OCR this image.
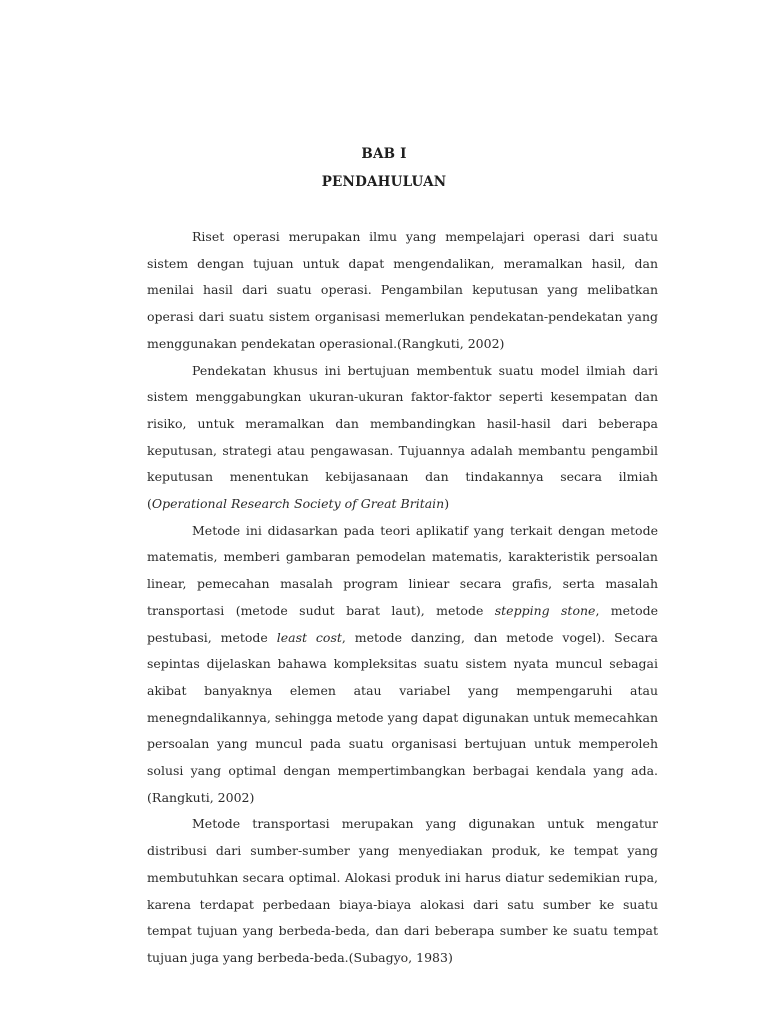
BAB I
PENDAHULUAN

Riset operasi merupakan ilmu yang mempelajari operasi dari suatu sistem dengan tujuan untuk dapat mengendalikan, meramalkan hasil, dan menilai hasil dari suatu operasi. Pengambilan keputusan yang melibatkan operasi dari suatu sistem organisasi memerlukan pendekatan-pendekatan yang menggunakan pendekatan operasional.(Rangkuti, 2002)

Pendekatan khusus ini bertujuan membentuk suatu model ilmiah dari sistem menggabungkan ukuran-ukuran faktor-faktor seperti kesempatan dan risiko, untuk meramalkan dan membandingkan hasil-hasil dari beberapa keputusan, strategi atau pengawasan. Tujuannya adalah membantu pengambil keputusan menentukan kebijasanaan dan tindakannya secara ilmiah (Operational Research Society of Great Britain)

Metode ini didasarkan pada teori aplikatif yang terkait dengan metode matematis, memberi gambaran pemodelan matematis, karakteristik persoalan linear, pemecahan masalah program liniear secara grafis, serta masalah transportasi (metode sudut barat laut), metode stepping stone, metode pestubasi, metode least cost, metode danzing, dan metode vogel). Secara sepintas dijelaskan bahawa kompleksitas suatu sistem nyata muncul sebagai akibat banyaknya elemen atau variabel yang mempengaruhi atau menegndalikannya, sehingga metode yang dapat digunakan untuk memecahkan persoalan yang muncul pada suatu organisasi bertujuan untuk memperoleh solusi yang optimal dengan mempertimbangkan berbagai kendala yang ada.(Rangkuti, 2002)

Metode transportasi merupakan yang digunakan untuk mengatur distribusi dari sumber-sumber yang menyediakan produk, ke tempat yang membutuhkan secara optimal. Alokasi produk ini harus diatur sedemikian rupa, karena terdapat perbedaan biaya-biaya alokasi dari satu sumber ke suatu tempat tujuan yang berbeda-beda, dan dari beberapa sumber ke suatu tempat tujuan juga yang berbeda-beda.(Subagyo, 1983)
